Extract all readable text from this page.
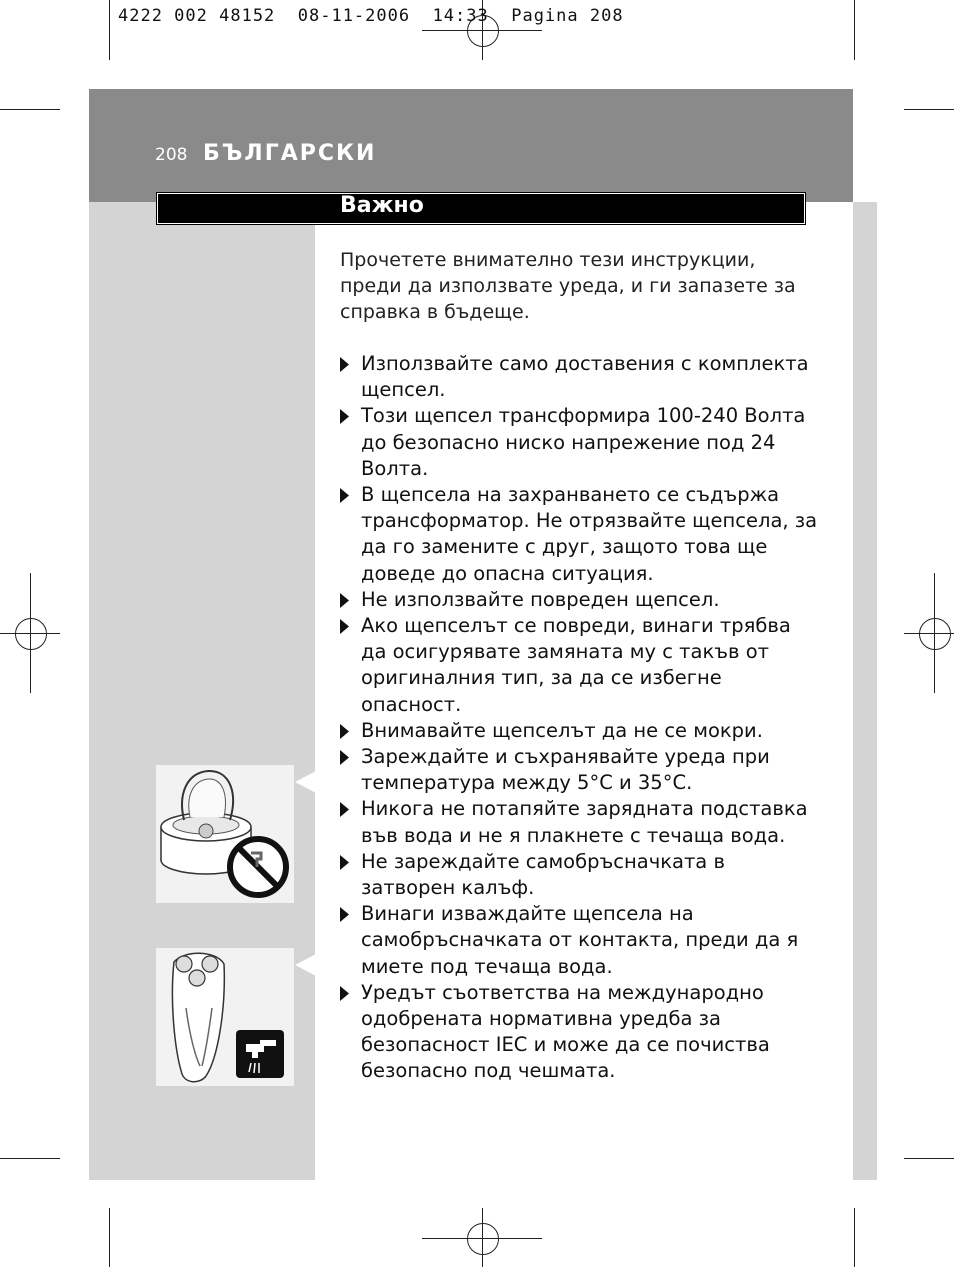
4222 002 48152  08-11-2006  14:33  Pagina 208
208 БЪЛГАРСКИ
Важно
Прочетете внимателно тези инструкции, преди да използвате уреда, и ги запазете за справка в бъдеще.
Използвайте само доставения с комплекта щепсел.
Този щепсел трансформира 100-240 Волта до безопасно ниско напрежение под 24 Волта.
В щепсела на захранването се съдържа трансформатор. Не отрязвайте щепсела, за да го замените с друг, защото това ще доведе до опасна ситуация.
Не използвайте повреден щепсел.
Ако щепселът се повреди, винаги трябва да осигурявате замяната му с такъв от оригиналния тип, за да се избегне опасност.
Внимавайте щепселът да не се мокри.
Зареждайте и съхранявайте уреда при температура между 5°C и 35°C.
Никога не потапяйте зарядната подставка във вода и не я плакнете с течаща вода.
Не зареждайте самобръсначката в затворен калъф.
Винаги изваждайте щепсела на самобръсначката от контакта, преди да я миете под течаща вода.
Уредът съответства на международно одобрената нормативна уредба за безопасност IEC и може да се почиства безопасно под чешмата.
